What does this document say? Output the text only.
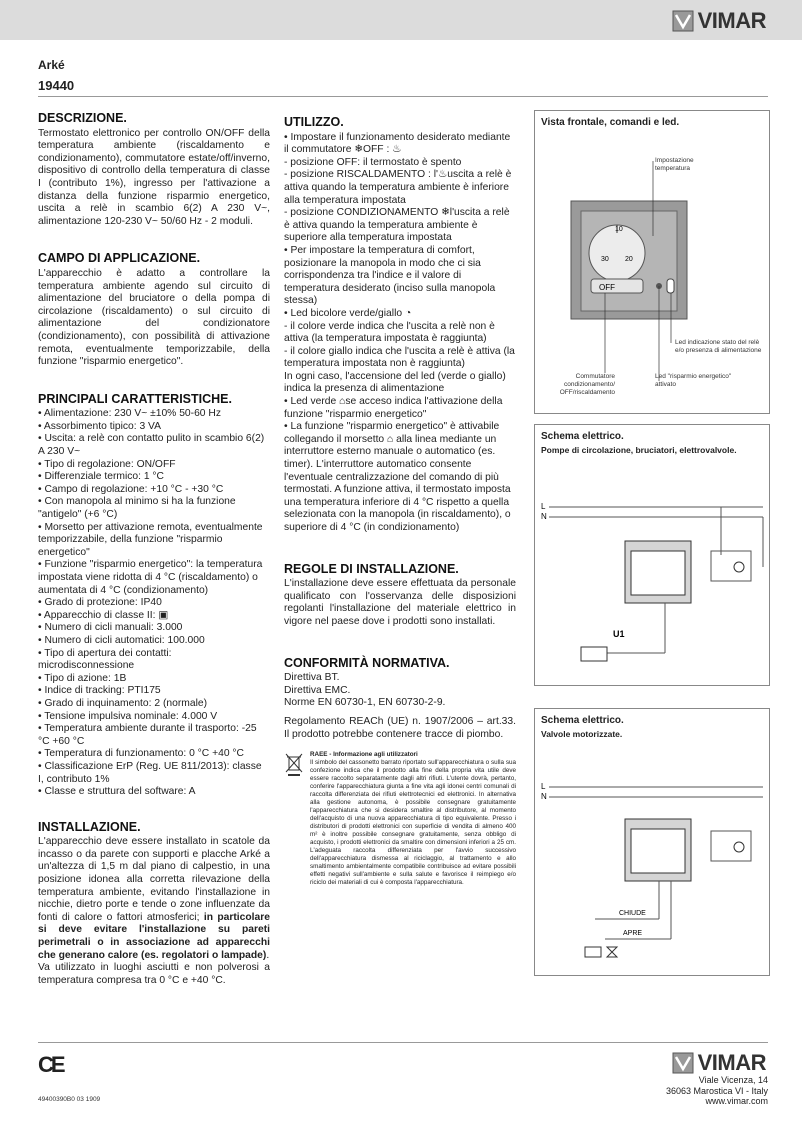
VIMAR
Arké
19440
DESCRIZIONE.

Termostato elettronico per controllo ON/OFF della temperatura ambiente (riscaldamento e condizionamento), commutatore estate/off/inverno, dispositivo di controllo della temperatura di classe I (contributo 1%), ingresso per l'attivazione a distanza della funzione risparmio energetico, uscita a relè in scambio 6(2) A 230 V~, alimentazione 120-230 V~ 50/60 Hz - 2 moduli.

CAMPO DI APPLICAZIONE.

L'apparecchio è adatto a controllare la temperatura ambiente agendo sul circuito di alimentazione del bruciatore o della pompa di circolazione (riscaldamento) o sul circuito di alimentazione del condizionatore (condizionamento), con possibilità di attivazione remota, eventualmente temporizzabile, della funzione "risparmio energetico".

PRINCIPALI CARATTERISTICHE.
• Alimentazione: 230 V~ ±10% 50-60 Hz
• Assorbimento tipico: 3 VA
• Uscita: a relè con contatto pulito in scambio 6(2) A 230 V~
• Tipo di regolazione: ON/OFF
• Differenziale termico: 1 °C
• Campo di regolazione: +10 °C - +30 °C
• Con manopola al minimo si ha la funzione "antigelo" (+6 °C)
• Morsetto per attivazione remota, eventualmente temporizzabile, della funzione "risparmio energetico"
• Funzione "risparmio energetico": la temperatura impostata viene ridotta di 4 °C (riscaldamento) o aumentata di 4 °C (condizionamento)
• Grado di protezione: IP40
• Apparecchio di classe II: ▣
• Numero di cicli manuali: 3.000
• Numero di cicli automatici: 100.000
• Tipo di apertura dei contatti: microdisconnessione
• Tipo di azione: 1B
• Indice di tracking: PTI175
• Grado di inquinamento: 2 (normale)
• Tensione impulsiva nominale: 4.000 V
• Temperatura ambiente durante il trasporto: -25 °C +60 °C
• Temperatura di funzionamento: 0 °C +40 °C
• Classificazione ErP (Reg. UE 811/2013): classe I, contributo 1%
• Classe e struttura del software: A
INSTALLAZIONE.

L'apparecchio deve essere installato in scatole da incasso o da parete con supporti e placche Arké a un'altezza di 1,5 m dal piano di calpestio, in una posizione idonea alla corretta rilevazione della temperatura ambiente, evitando l'installazione in nicchie, dietro porte e tende o zone influenzate da fonti di calore o fattori atmosferici; in particolare si deve evitare l'installazione su pareti perimetrali o in associazione ad apparecchi che generano calore (es. regolatori o lampade).

Va utilizzato in luoghi asciutti e non polverosi a temperatura compresa tra 0 °C e +40 °C.

UTILIZZO.
• Impostare il funzionamento desiderato mediante il commutatore ❄OFF : ♨
- posizione OFF: il termostato è spento
- posizione RISCALDAMENTO : l'♨uscita a relè è attiva quando la temperatura ambiente è inferiore alla temperatura impostata
- posizione CONDIZIONAMENTO ❄l'uscita a relè è attiva quando la temperatura ambiente è superiore alla temperatura impostata
• Per impostare la temperatura di comfort, posizionare la manopola in modo che ci sia corrispondenza tra l'indice e il valore di temperatura desiderato (inciso sulla manopola stessa)
• Led bicolore verde/giallo ◔
- il colore verde indica che l'uscita a relè non è attiva (la temperatura impostata è raggiunta)
- il colore giallo indica che l'uscita a relè è attiva (la temperatura impostata non è raggiunta)
In ogni caso, l'accensione del led (verde o giallo) indica la presenza di alimentazione
• Led verde ⌂se acceso indica l'attivazione della funzione "risparmio energetico"
• La funzione "risparmio energetico" è attivabile collegando il morsetto ⌂ alla linea mediante un interruttore esterno manuale o automatico (es. timer). L'interruttore automatico consente l'eventuale centralizzazione del comando di più termostati. A funzione attiva, il termostato imposta una temperatura inferiore di 4 °C rispetto a quella selezionata con la manopola (in riscaldamento), o superiore di 4 °C (in condizionamento)
REGOLE DI INSTALLAZIONE.

L'installazione deve essere effettuata da personale qualificato con l'osservanza delle disposizioni regolanti l'installazione del materiale elettrico in vigore nel paese dove i prodotti sono installati.

CONFORMITÀ NORMATIVA.
Direttiva BT.
Direttiva EMC.
Norme EN 60730-1, EN 60730-2-9.

Regolamento REACh (UE) n. 1907/2006 – art.33. Il prodotto potrebbe contenere tracce di piombo.

RAEE - Informazione agli utilizzatori
Il simbolo del cassonetto barrato riportato sull'apparecchiatura o sulla sua confezione indica che il prodotto alla fine della propria vita utile deve essere raccolto separatamente dagli altri rifiuti. L'utente dovrà, pertanto, conferire l'apparecchiatura giunta a fine vita agli idonei centri comunali di raccolta differenziata dei rifiuti elettrotecnici ed elettronici. In alternativa alla gestione autonoma, è possibile consegnare gratuitamente l'apparecchiatura che si desidera smaltire al distributore, al momento dell'acquisto di una nuova apparecchiatura di tipo equivalente. Presso i distributori di prodotti elettronici con superficie di vendita di almeno 400 m² è inoltre possibile consegnare gratuitamente, senza obbligo di acquisto, i prodotti elettronici da smaltire con dimensioni inferiori a 25 cm. L'adeguata raccolta differenziata per l'avvio successivo dell'apparecchiatura dismessa al riciclaggio, al trattamento e allo smaltimento ambientalmente compatibile contribuisce ad evitare possibili effetti negativi sull'ambiente e sulla salute e favorisce il reimpiego e/o riciclo dei materiali di cui è composta l'apparecchiatura.
Vista frontale, comandi e led.
OFF
10
20
30
Impostazione temperatura
Led indicazione stato del relè e/o presenza di alimentazione
Led "risparmio energetico" attivato
Commutatore condizionamento/ OFF/riscaldamento
Schema elettrico.
Pompe di circolazione, bruciatori, elettrovalvole.
L
N
U1
Schema elettrico.
Valvole motorizzate.
L
N
CHIUDE
APRE
CE	VIMAR
Viale Vicenza, 14
36063 Marostica VI - Italy
www.vimar.com
49400390B0 03 1909
